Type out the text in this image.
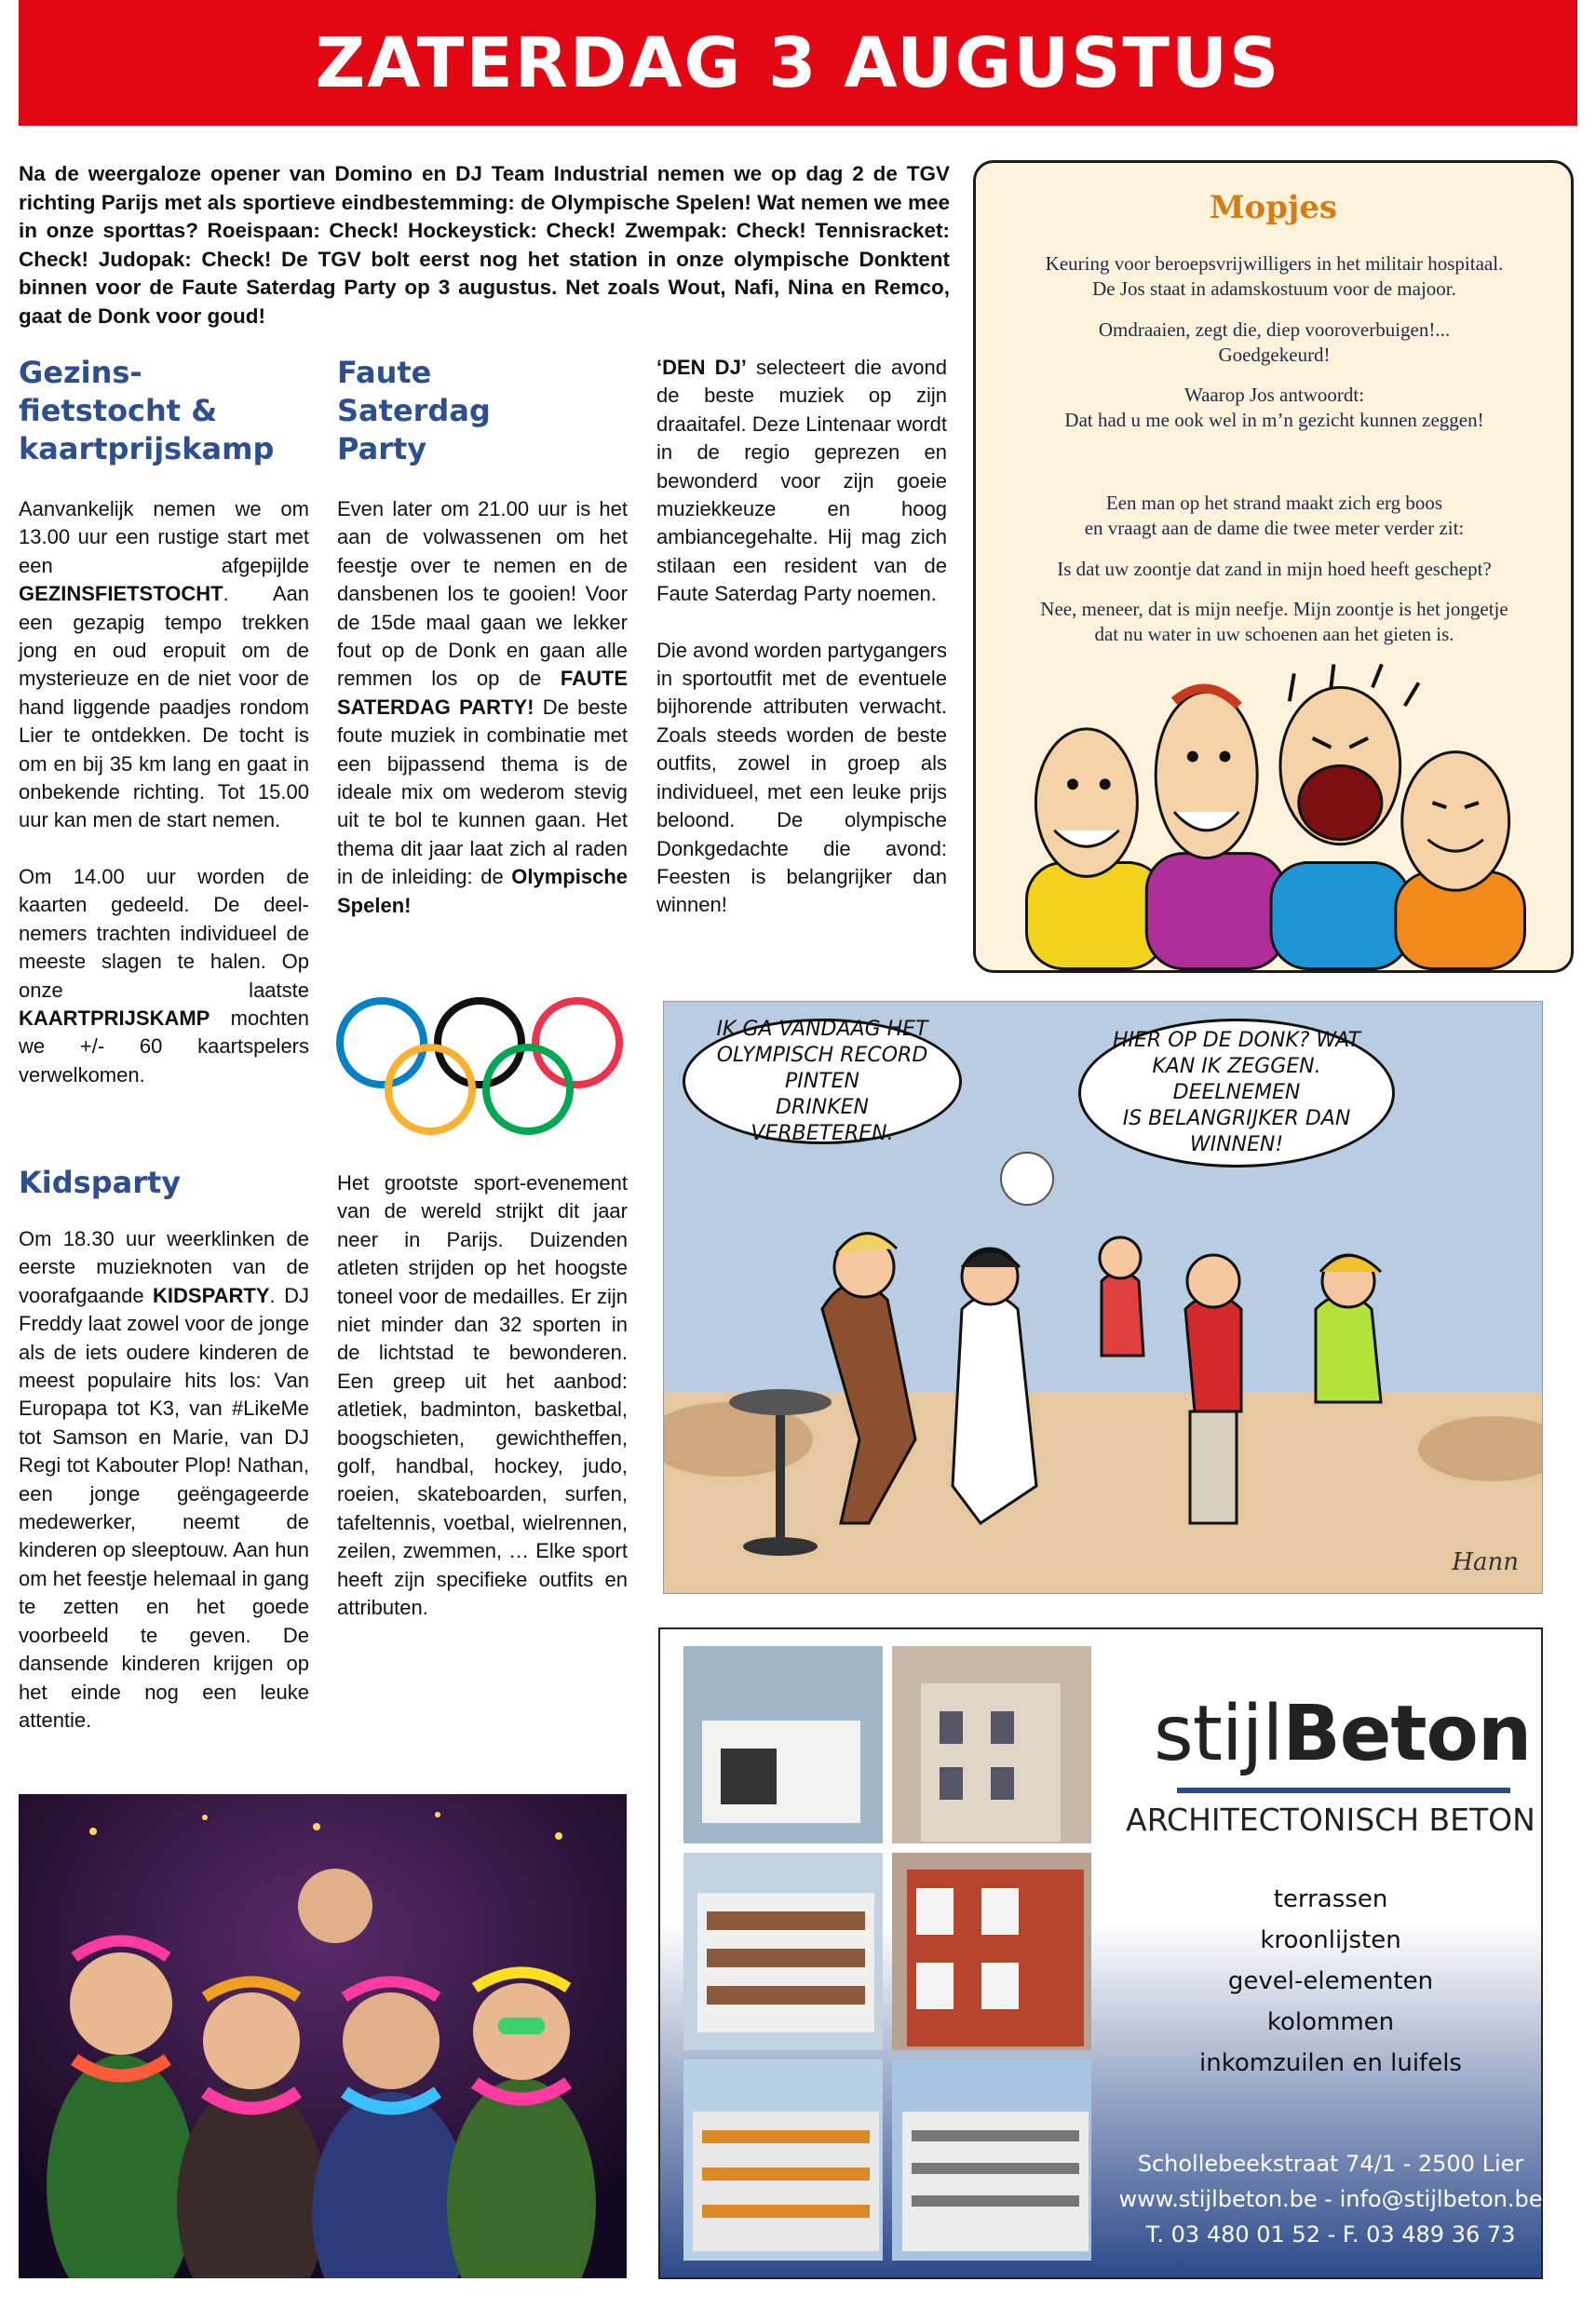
ZATERDAG 3 AUGUSTUS
Na de weergaloze opener van Domino en DJ Team Industrial nemen we op dag 2 de TGV richting Parijs met als sportieve eindbestemming: de Olympische Spelen! Wat nemen we mee in onze sporttas? Roeispaan: Check! Hockeystick: Check! Zwempak: Check! Tennisracket: Check! Judopak: Check! De TGV bolt eerst nog het station in onze olympische Donktent binnen voor de Faute Saterdag Party op 3 augustus. Net zoals Wout, Nafi, Nina en Remco, gaat de Donk voor goud!
Gezins-
fietstocht &
kaartprijskamp

Aanvankelijk nemen we om 13.00 uur een rustige start met een afgepijlde GEZINSFIETSTOCHT. Aan een gezapig tempo trekken jong en oud eropuit om de mysterieuze en de niet voor de hand liggende paadjes rondom Lier te ontdekken. De tocht is om en bij 35 km lang en gaat in onbekende richting. Tot 15.00 uur kan men de start nemen.

Om 14.00 uur worden de kaarten gedeeld. De deelnemers trachten individueel de meeste slagen te halen. Op onze laatste KAARTPRIJSKAMP mochten we +/- 60 kaartspelers verwelkomen.

Kidsparty

Om 18.30 uur weerklinken de eerste muzieknoten van de voorafgaande KIDSPARTY. DJ Freddy laat zowel voor de jonge als de iets oudere kinderen de meest populaire hits los: Van Europapa tot K3, van #LikeMe tot Samson en Marie, van DJ Regi tot Kabouter Plop! Nathan, een jonge geëngageerde medewerker, neemt de kinderen op sleeptouw. Aan hun om het feestje helemaal in gang te zetten en het goede voorbeeld te geven. De dansende kinderen krijgen op het einde nog een leuke attentie.

Faute
Saterdag
Party

Even later om 21.00 uur is het aan de volwassenen om het feestje over te nemen en de dansbenen los te gooien! Voor de 15de maal gaan we lekker fout op de Donk en gaan alle remmen los op de FAUTE SATERDAG PARTY! De beste foute muziek in combinatie met een bijpassend thema is de ideale mix om wederom stevig uit te bol te kunnen gaan. Het thema dit jaar laat zich al raden in de inleiding: de Olympische Spelen!

Het grootste sport-evenement van de wereld strijkt dit jaar neer in Parijs. Duizenden atleten strijden op het hoogste toneel voor de medailles. Er zijn niet minder dan 32 sporten in de lichtstad te bewonderen. Een greep uit het aanbod: atletiek, badminton, basketbal, boogschieten, gewichtheffen, golf, handbal, hockey, judo, roeien, skateboarden, surfen, tafeltennis, voetbal, wielrennen, zeilen, zwemmen, … Elke sport heeft zijn specifieke outfits en attributen.

‘DEN DJ’ selecteert die avond de beste muziek op zijn draaitafel. Deze Lintenaar wordt in de regio geprezen en bewonderd voor zijn goeie muziekkeuze en hoog ambiancegehalte. Hij mag zich stilaan een resident van de Faute Saterdag Party noemen.

Die avond worden partygangers in sportoutfit met de eventuele bijhorende attributen verwacht. Zoals steeds worden de beste outfits, zowel in groep als individueel, met een leuke prijs beloond. De olympische Donkgedachte die avond: Feesten is belangrijker dan winnen!

Mopjes
Keuring voor beroepsvrijwilligers in het militair hospitaal.
De Jos staat in adamskostuum voor de majoor.
Omdraaien, zegt die, diep vooroverbuigen!...
Goedgekeurd!
Waarop Jos antwoordt:
Dat had u me ook wel in m’n gezicht kunnen zeggen!
Een man op het strand maakt zich erg boos
en vraagt aan de dame die twee meter verder zit:
Is dat uw zoontje dat zand in mijn hoed heeft geschept?
Nee, meneer, dat is mijn neefje. Mijn zoontje is het jongetje
dat nu water in uw schoenen aan het gieten is.
IK GA VANDAAG HET
OLYMPISCH RECORD PINTEN
DRINKEN VERBETEREN.
HIER OP DE DONK? WAT
KAN IK ZEGGEN. DEELNEMEN
IS BELANGRIJKER DAN
WINNEN!
Hann
stijlBeton
ARCHITECTONISCH BETON
terrassen
kroonlijsten
gevel-elementen
kolommen
inkomzuilen en luifels
Schollebeekstraat 74/1 - 2500 Lier
www.stijlbeton.be - info@stijlbeton.be
T. 03 480 01 52 - F. 03 489 36 73
